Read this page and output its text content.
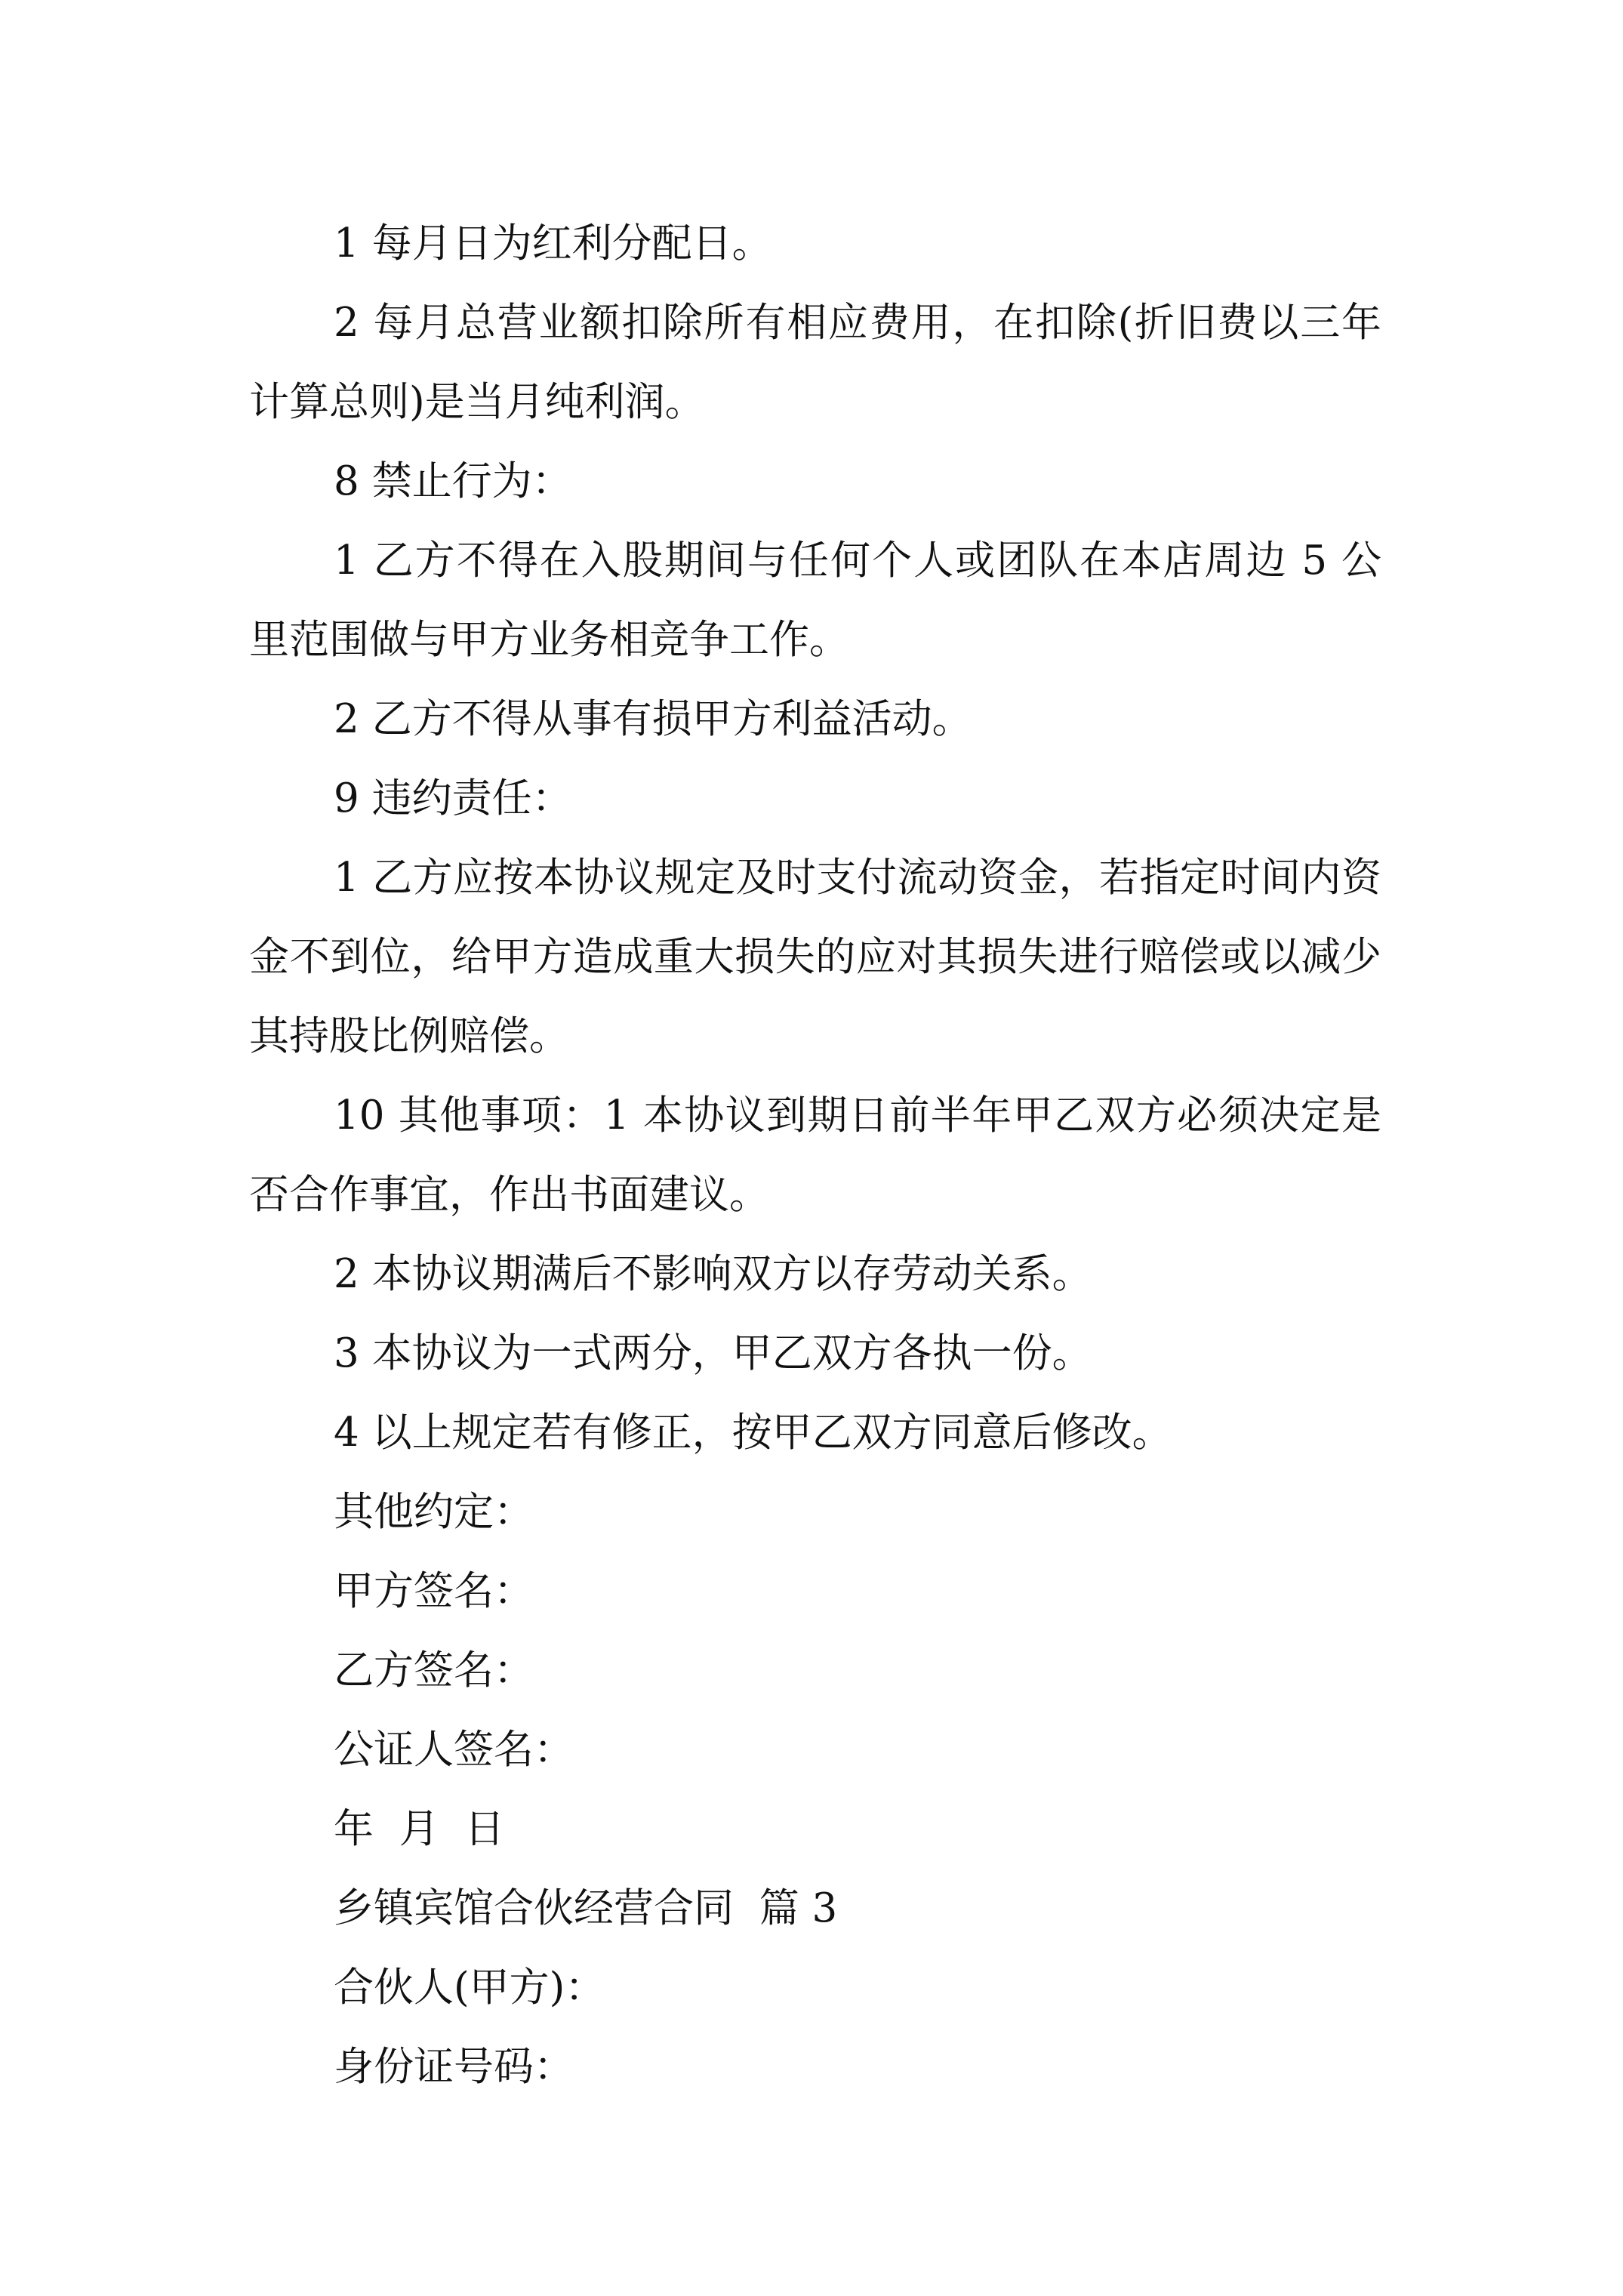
1 每月日为红利分配日。

2 每月总营业额扣除所有相应费用，在扣除(折旧费以三年计算总则)是当月纯利润。

8 禁止行为：

1 乙方不得在入股期间与任何个人或团队在本店周边 5 公里范围做与甲方业务相竞争工作。

2 乙方不得从事有损甲方利益活动。

9 违约责任：

1 乙方应按本协议规定及时支付流动资金，若指定时间内资金不到位，给甲方造成重大损失的应对其损失进行赔偿或以减少其持股比例赔偿。

10 其他事项：1 本协议到期日前半年甲乙双方必须决定是否合作事宜，作出书面建议。

2 本协议期满后不影响双方以存劳动关系。

3 本协议为一式两分，甲乙双方各执一份。

4 以上规定若有修正，按甲乙双方同意后修改。

其他约定：

甲方签名：

乙方签名：

公证人签名：

年  月  日

乡镇宾馆合伙经营合同  篇 3

合伙人(甲方)：

身份证号码：
